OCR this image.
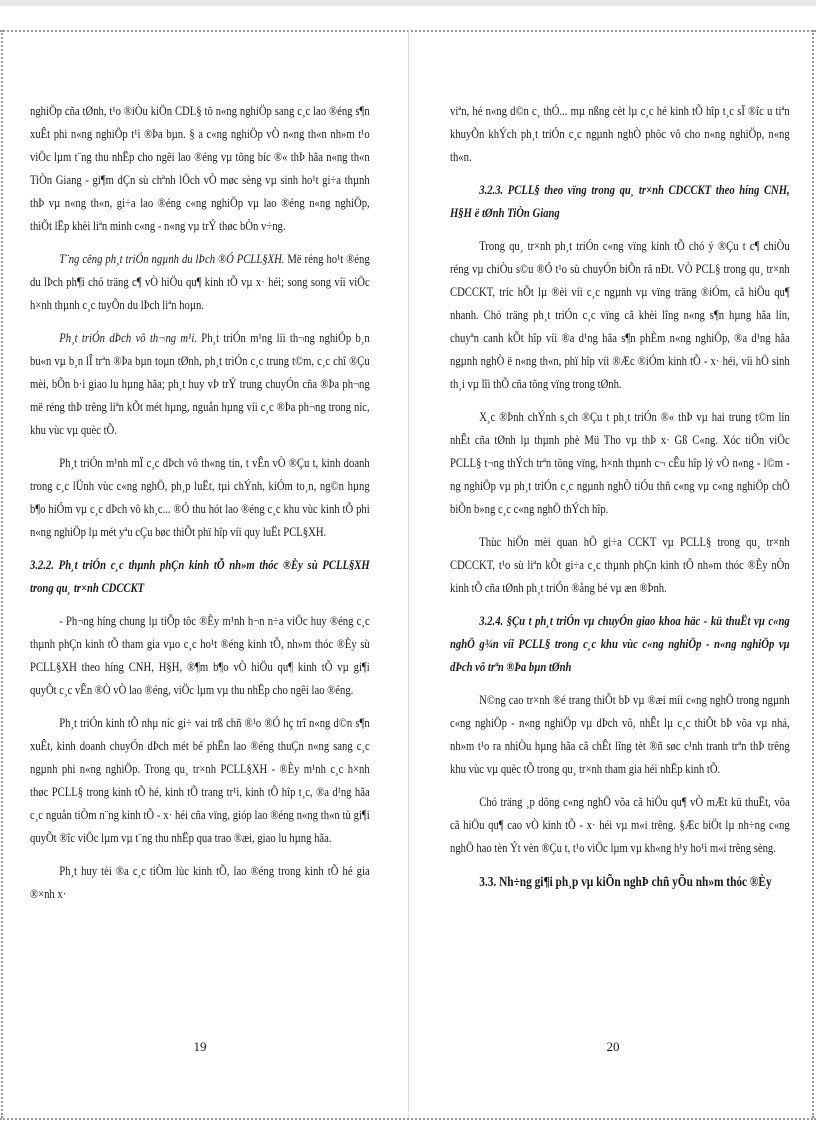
nghiÖp cña tØnh, t¹o ®iÒu kiÖn CDL§ tõ n«ng nghiÖp sang c¸c lao ®éng s¶n xuÊt phi n«ng nghiÖp t¹i ®Þa bµn. § a c«ng nghiÖp vÒ n«ng th«n nh»m t¹o viÖc lµm t¨ng thu nhËp cho ngêi lao ®éng vµ tõng bíc ®« thÞ hãa n«ng th«n TiÒn Giang - gi¶m dÇn sù chªnh lÖch vÒ møc sèng vµ sinh ho¹t gi÷a thµnh thÞ vµ n«ng th«n, gi÷a lao ®éng c«ng nghiÖp vµ lao ®éng n«ng nghiÖp, thiÕt lËp khèi liªn minh c«ng - n«ng vµ trÝ thøc bÒn v÷ng.

T¨ng cêng ph¸t triÓn ngµnh du lÞch ®Ó PCLL§XH. Më réng ho¹t ®éng du lÞch ph¶i chó träng c¶ vÒ hiÖu qu¶ kinh tÕ vµ x· héi; song song víi viÖc h×nh thµnh c¸c tuyÕn du lÞch liªn hoµn.

Ph¸t triÓn dÞch vô th¬ng m¹i. Ph¸t triÓn m¹ng líi th¬ng nghiÖp b¸n bu«n vµ b¸n lÎ trªn ®Þa bµn toµn tØnh, ph¸t triÓn c¸c trung t©m, c¸c chî ®Çu mèi, bÕn b·i giao lu hµng hãa; ph¸t huy vÞ trÝ trung chuyÓn cña ®Þa ph¬ng më réng thÞ trêng liªn kÕt mét hµng, nguån hµng víi c¸c ®Þa ph¬ng trong níc, khu vùc vµ quèc tÕ.

Ph¸t triÓn m¹nh mÏ c¸c dÞch vô th«ng tin, t vÊn vÒ ®Çu t, kinh doanh trong c¸c lÜnh vùc c«ng nghÖ, ph¸p luËt, tµi chÝnh, kiÓm to¸n, ng©n hµng b¶o hiÓm vµ c¸c dÞch vô kh¸c... ®Ó thu hót lao ®éng c¸c khu vùc kinh tÕ phi n«ng nghiÖp lµ mét yªu cÇu bøc thiÕt phï hîp víi quy luËt PCL§XH.

3.2.2. Ph¸t triÓn c¸c thµnh phÇn kinh tÕ nh»m thóc ®Èy sù PCLL§XH trong qu¸ tr×nh CDCCKT

- Ph¬ng híng chung lµ tiÕp tôc ®Èy m¹nh h¬n n÷a viÖc huy ®éng c¸c thµnh phÇn kinh tÕ tham gia vµo c¸c ho¹t ®éng kinh tÕ, nh»m thóc ®Èy sù PCLL§XH theo híng CNH, H§H, ®¶m b¶o vÒ hiÖu qu¶ kinh tÕ vµ gi¶i quyÕt c¸c vÊn ®Ò vÒ lao ®éng, viÖc lµm vµ thu nhËp cho ngêi lao ®éng.

Ph¸t triÓn kinh tÕ nhµ níc gi÷ vai trß chñ ®¹o ®Ó hç trî n«ng d©n s¶n xuÊt, kinh doanh chuyÓn dÞch mét bé phËn lao ®éng thuÇn n«ng sang c¸c ngµnh phi n«ng nghiÖp. Trong qu¸ tr×nh PCLL§XH - ®Èy m¹nh c¸c h×nh thøc PCLL§ trong kinh tÕ hé, kinh tÕ trang tr¹i, kinh tÕ hîp t¸c, ®a d¹ng hãa c¸c nguån tiÒm n¨ng kinh tÕ - x· héi cña vïng, gióp lao ®éng n«ng th«n tù gi¶i quyÕt ®îc viÖc lµm vµ t¨ng thu nhËp qua trao ®æi, giao lu hµng hãa.

Ph¸t huy tèi ®a c¸c tiÒm lùc kinh tÕ, lao ®éng trong kinh tÕ hé gia ®×nh x·

viªn, hé n«ng d©n c¸ thÓ... mµ nßng cèt lµ c¸c hé kinh tÕ hîp t¸c sÏ ®îc u tiªn khuyÕn khÝch ph¸t triÓn c¸c ngµnh nghÒ phôc vô cho n«ng nghiÖp, n«ng th«n.

3.2.3. PCLL§ theo vïng trong qu¸ tr×nh CDCCKT theo híng CNH, H§H ë tØnh TiÒn Giang

Trong qu¸ tr×nh ph¸t triÓn c«ng vïng kinh tÕ chó ý ®Çu t c¶ chiÒu réng vµ chiÒu s©u ®Ó t¹o sù chuyÓn biÕn râ nÐt. VÒ PCL§ trong qu¸ tr×nh CDCCKT, tríc hÕt lµ ®èi víi c¸c ngµnh vµ vïng träng ®iÓm, cã hiÖu qu¶ nhanh. Chó träng ph¸t triÓn c¸c vïng cã khèi lîng n«ng s¶n hµng hãa lín, chuyªn canh kÕt hîp víi ®a d¹ng hãa s¶n phÈm n«ng nghiÖp, ®a d¹ng hãa ngµnh nghÒ ë n«ng th«n, phï hîp víi ®Æc ®iÓm kinh tÕ - x· héi, víi hÖ sinh th¸i vµ lîi thÕ cña tõng vïng trong tØnh.

X¸c ®Þnh chÝnh s¸ch ®Çu t ph¸t triÓn ®« thÞ vµ hai trung t©m lín nhÊt cña tØnh lµ thµnh phè Mü Tho vµ thÞ x· Gß C«ng. Xóc tiÕn viÖc PCLL§ t¬ng thÝch trªn tõng vïng, h×nh thµnh c¬ cÊu hîp lý vÒ n«ng - l©m - ng nghiÖp vµ ph¸t triÓn c¸c ngµnh nghÒ tiÓu thñ c«ng vµ c«ng nghiÖp chÕ biÕn b»ng c¸c c«ng nghÖ thÝch hîp.

Thùc hiÖn mèi quan hÖ gi÷a CCKT vµ PCLL§ trong qu¸ tr×nh CDCCKT, t¹o sù liªn kÕt gi÷a c¸c thµnh phÇn kinh tÕ nh»m thóc ®Èy nÒn kinh tÕ cña tØnh ph¸t triÓn ®ång bé vµ æn ®Þnh.

3.2.4. §Çu t ph¸t triÓn vµ chuyÓn giao khoa häc - kü thuËt vµ c«ng nghÖ g¾n víi PCLL§ trong c¸c khu vùc c«ng nghiÖp - n«ng nghiÖp vµ dÞch vô trªn ®Þa bµn tØnh

N©ng cao tr×nh ®é trang thiÕt bÞ vµ ®æi míi c«ng nghÖ trong ngµnh c«ng nghiÖp - n«ng nghiÖp vµ dÞch vô, nhÊt lµ c¸c thiÕt bÞ võa vµ nhá, nh»m t¹o ra nhiÒu hµng hãa cã chÊt lîng tèt ®ñ søc c¹nh tranh trªn thÞ trêng khu vùc vµ quèc tÕ trong qu¸ tr×nh tham gia héi nhËp kinh tÕ.

Chó träng ¸p dông c«ng nghÖ võa cã hiÖu qu¶ vÒ mÆt kü thuËt, võa cã hiÖu qu¶ cao vÒ kinh tÕ - x· héi vµ m«i trêng. §Æc biÖt lµ nh÷ng c«ng nghÖ hao tèn Ýt vèn ®Çu t, t¹o viÖc lµm vµ kh«ng h¹y ho¹i m«i trêng sèng.

3.3. Nh÷ng gi¶i ph¸p vµ kiÕn nghÞ chñ yÕu nh»m thóc ®Èy

19	20
